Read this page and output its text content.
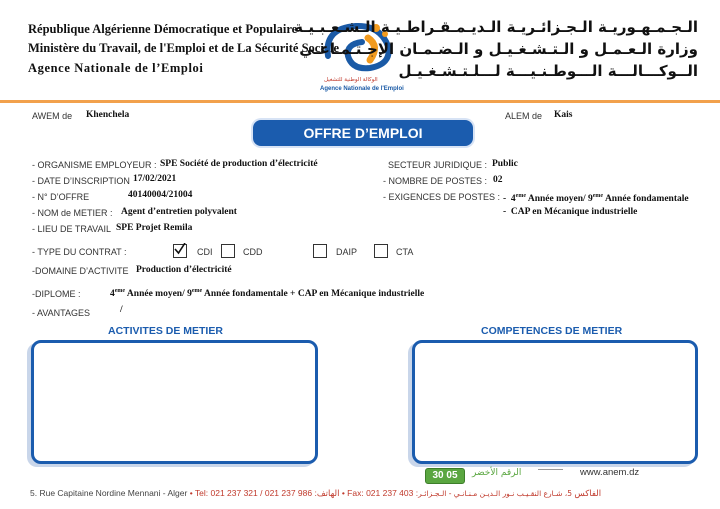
République Algérienne Démocratique et Populaire
Ministère du Travail, de l'Emploi et de La Sécurité Sociale
Agence Nationale de l’Emploi
الوكالة الوطنية للتشغيل
Agence Nationale de l'Emploi
الـجـمـهـوريـة الـجـزائـريـة الـديـمـقـراطـيـة الـشـعـبـيـة
وزارة الـعـمـل و الـتـشـغـيـل و الـضـمـان الإجـتـمـاعـي
الــوكـــالـــة الـــوطـنـيـــة لـــلـتـشـغـيـل
AWEM de Khenchela	ALEM de Kais
OFFRE D’EMPLOI
- ORGANISME EMPLOYEUR : SPE Société de production d’électricité
- DATE D’INSCRIPTION 17/02/2021
- N° D’OFFRE	40140004/21004
- NOM de METIER : Agent d’entretien polyvalent
- LIEU DE TRAVAIL SPE Projet Remila
SECTEUR JURIDIQUE : Public
- NOMBRE DE POSTES : 02
- EXIGENCES DE POSTES : -  4eme Année moyen/ 9eme Année fondamentale
-  CAP en Mécanique industrielle
- TYPE DU CONTRAT :	CDI	CDD	DAIP	CTA
-DOMAINE D’ACTIVITE Production d’électricité
-DIPLOME :	4eme Année moyen/ 9eme Année fondamentale + CAP en Mécanique industrielle
- AVANTAGES	/
ACTIVITES DE METIER	COMPETENCES DE METIER
30 05	الرقم الأخضر	www.anem.dz
5. Rue Capitaine Nordine Mennani - Alger • Tel: 021 237 321 / 021 237 986 :الهاتف • Fax: 021 237 403 :الفاكس 5، شـارع النقـيـب نـور الـديـن مـنـانـي - الـجـزائـر
